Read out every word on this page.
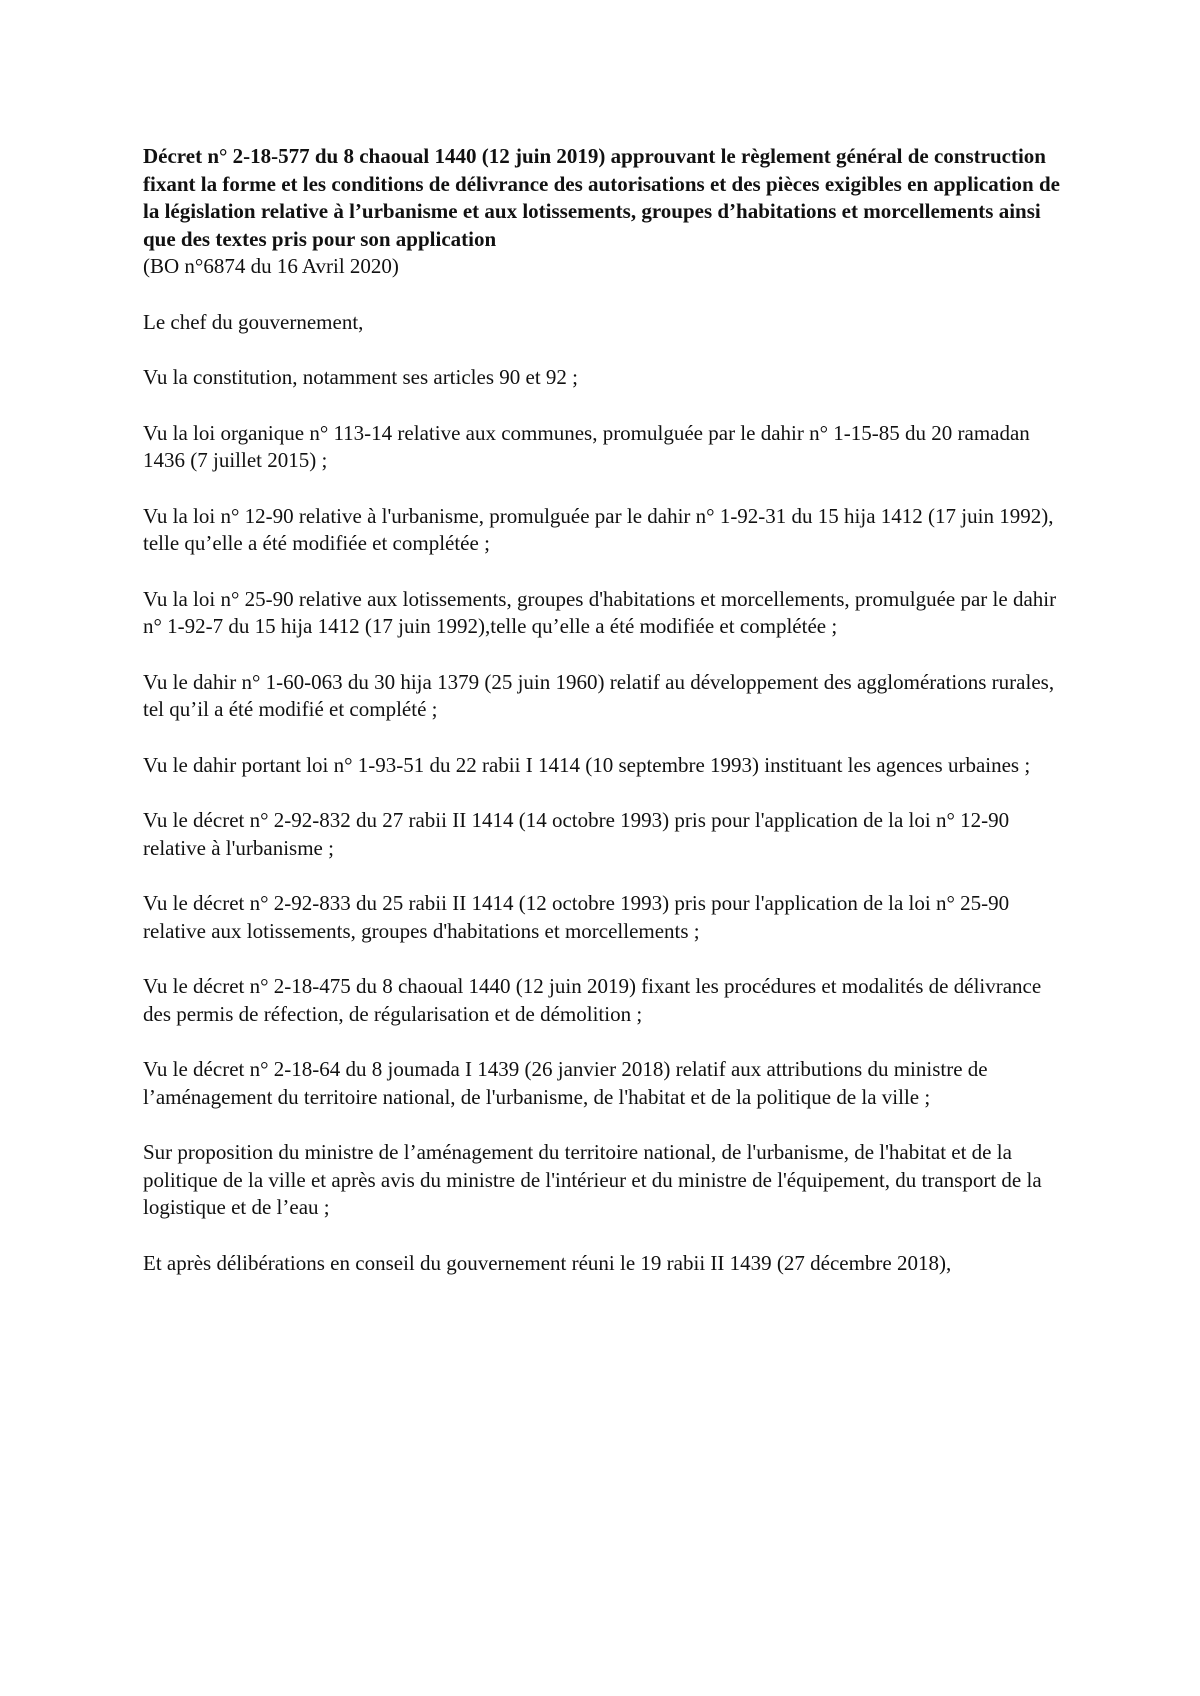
Décret n° 2-18-577 du 8 chaoual 1440 (12 juin 2019) approuvant le règlement général de construction fixant la forme et les conditions de délivrance des autorisations et des pièces exigibles en application de la législation relative à l’urbanisme et aux lotissements, groupes d’habitations et morcellements ainsi que des textes pris pour son application
(BO n°6874 du 16 Avril 2020)

Le chef du gouvernement,

Vu la constitution, notamment ses articles 90 et 92 ;

Vu la loi organique n° 113-14 relative aux communes, promulguée par le dahir n° 1-15-85 du 20 ramadan 1436 (7 juillet 2015) ;

Vu la loi n° 12-90 relative à l'urbanisme, promulguée par le dahir n° 1-92-31 du 15 hija 1412 (17 juin 1992), telle qu’elle a été modifiée et complétée ;

Vu la loi n° 25-90 relative aux lotissements, groupes d'habitations et morcellements, promulguée par le dahir n° 1-92-7 du 15 hija 1412 (17 juin 1992),telle qu’elle a été modifiée et complétée ;

Vu le dahir n° 1-60-063 du 30 hija 1379 (25 juin 1960) relatif au développement des agglomérations rurales, tel qu’il a été modifié et complété ;

Vu le dahir portant loi n° 1-93-51 du 22 rabii I 1414 (10 septembre 1993) instituant les agences urbaines ;

Vu le décret n° 2-92-832 du 27 rabii II 1414 (14 octobre 1993) pris pour l'application de la loi n° 12-90 relative à l'urbanisme ;

Vu le décret n° 2-92-833 du 25 rabii II 1414 (12 octobre 1993) pris pour l'application de la loi n° 25-90 relative aux lotissements, groupes d'habitations et morcellements ;

Vu le décret n° 2-18-475 du 8 chaoual 1440 (12 juin 2019) fixant les procédures et modalités de délivrance des permis de réfection, de régularisation et de démolition ;

Vu le décret n° 2-18-64 du 8 joumada I 1439 (26 janvier 2018) relatif aux attributions du ministre de l’aménagement du territoire national, de l'urbanisme, de l'habitat et de la politique de la ville ;

Sur proposition du ministre de l’aménagement du territoire national, de l'urbanisme, de l'habitat et de la politique de la ville et après avis du ministre de l'intérieur et du ministre de l'équipement, du transport de la logistique et de l’eau ;

Et après délibérations en conseil du gouvernement réuni le 19 rabii II 1439 (27 décembre 2018),
